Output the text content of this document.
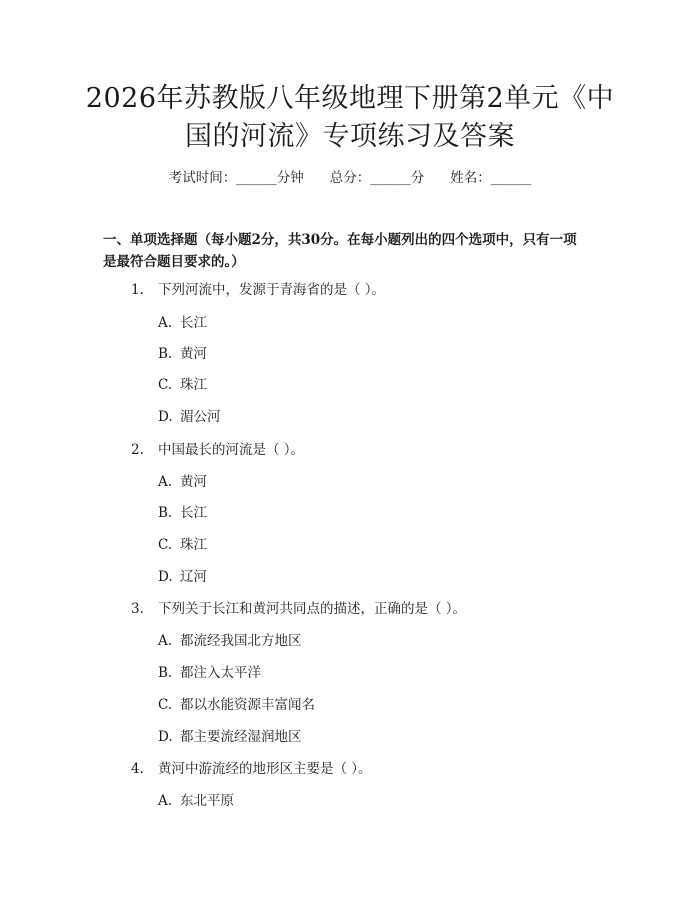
2026年苏教版八年级地理下册第2单元《中
国的河流》专项练习及答案
考试时间：______分钟 总分：______分 姓名：______
一、单项选择题（每小题2分，共30分。在每小题列出的四个选项中，只有一项
是最符合题目要求的。）
1. 下列河流中，发源于青海省的是（ ）。
A. 长江
B. 黄河
C. 珠江
D. 湄公河
2. 中国最长的河流是（ ）。
A. 黄河
B. 长江
C. 珠江
D. 辽河
3. 下列关于长江和黄河共同点的描述，正确的是（ ）。
A. 都流经我国北方地区
B. 都注入太平洋
C. 都以水能资源丰富闻名
D. 都主要流经湿润地区
4. 黄河中游流经的地形区主要是（ ）。
A. 东北平原
